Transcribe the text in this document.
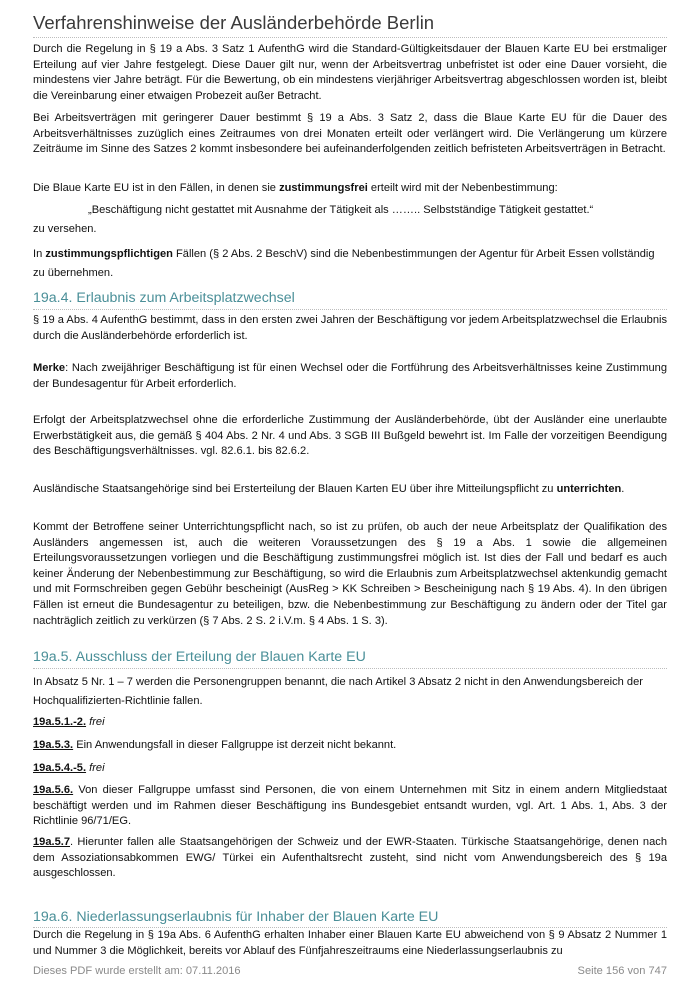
Verfahrenshinweise der Ausländerbehörde Berlin

Durch die Regelung in § 19 a Abs. 3 Satz 1 AufenthG wird die Standard-Gültigkeitsdauer der Blauen Karte EU bei erstmaliger Erteilung auf vier Jahre festgelegt. Diese Dauer gilt nur, wenn der Arbeitsvertrag unbefristet ist oder eine Dauer vorsieht, die mindestens vier Jahre beträgt. Für die Bewertung, ob ein mindestens vierjähriger Arbeitsvertrag abgeschlossen worden ist, bleibt die Vereinbarung einer etwaigen Probezeit außer Betracht.

Bei Arbeitsverträgen mit geringerer Dauer bestimmt § 19 a Abs. 3 Satz 2, dass die Blaue Karte EU für die Dauer des Arbeitsverhältnisses zuzüglich eines Zeitraumes von drei Monaten erteilt oder verlängert wird. Die Verlängerung um kürzere Zeiträume im Sinne des Satzes 2 kommt insbesondere bei aufeinanderfolgenden zeitlich befristeten Arbeitsverträgen in Betracht.

Die Blaue Karte EU ist in den Fällen, in denen sie zustimmungsfrei erteilt wird mit der Nebenbestimmung:

„Beschäftigung nicht gestattet mit Ausnahme der Tätigkeit als …….. Selbstständige Tätigkeit gestattet.“

zu versehen.

In zustimmungspflichtigen Fällen (§ 2 Abs. 2 BeschV) sind die Nebenbestimmungen der Agentur für Arbeit Essen vollständig zu übernehmen.

19a.4. Erlaubnis zum Arbeitsplatzwechsel

§ 19 a Abs. 4 AufenthG bestimmt, dass in den ersten zwei Jahren der Beschäftigung vor jedem Arbeitsplatzwechsel die Erlaubnis durch die Ausländerbehörde erforderlich ist.

Merke: Nach zweijähriger Beschäftigung ist für einen Wechsel oder die Fortführung des Arbeitsverhältnisses keine Zustimmung der Bundesagentur für Arbeit erforderlich.

Erfolgt der Arbeitsplatzwechsel ohne die erforderliche Zustimmung der Ausländerbehörde, übt der Ausländer eine unerlaubte Erwerbstätigkeit aus, die gemäß § 404 Abs. 2 Nr. 4 und Abs. 3 SGB III Bußgeld bewehrt ist. Im Falle der vorzeitigen Beendigung des Beschäftigungsverhältnisses. vgl. 82.6.1. bis 82.6.2.

Ausländische Staatsangehörige sind bei Ersterteilung der Blauen Karten EU über ihre Mitteilungspflicht zu unterrichten.

Kommt der Betroffene seiner Unterrichtungspflicht nach, so ist zu prüfen, ob auch der neue Arbeitsplatz der Qualifikation des Ausländers angemessen ist, auch die weiteren Voraussetzungen des § 19 a Abs. 1 sowie die allgemeinen Erteilungsvoraussetzungen vorliegen und die Beschäftigung zustimmungsfrei möglich ist. Ist dies der Fall und bedarf es auch keiner Änderung der Nebenbestimmung zur Beschäftigung, so wird die Erlaubnis zum Arbeitsplatzwechsel aktenkundig gemacht und mit Formschreiben gegen Gebühr bescheinigt (AusReg > KK Schreiben > Bescheinigung nach § 19 Abs. 4). In den übrigen Fällen ist erneut die Bundesagentur zu beteiligen, bzw. die Nebenbestimmung zur Beschäftigung zu ändern oder der Titel gar nachträglich zeitlich zu verkürzen (§ 7 Abs. 2 S. 2 i.V.m. § 4 Abs. 1 S. 3).

19a.5. Ausschluss der Erteilung der Blauen Karte EU

In Absatz 5 Nr. 1 – 7 werden die Personengruppen benannt, die nach Artikel 3 Absatz 2 nicht in den Anwendungsbereich der Hochqualifizierten-Richtlinie fallen.

19a.5.1.-2. frei

19a.5.3. Ein Anwendungsfall in dieser Fallgruppe ist derzeit nicht bekannt.

19a.5.4.-5. frei

19a.5.6. Von dieser Fallgruppe umfasst sind Personen, die von einem Unternehmen mit Sitz in einem andern Mitgliedstaat beschäftigt werden und im Rahmen dieser Beschäftigung ins Bundesgebiet entsandt wurden, vgl. Art. 1 Abs. 1, Abs. 3 der Richtlinie 96/71/EG.

19a.5.7. Hierunter fallen alle Staatsangehörigen der Schweiz und der EWR-Staaten. Türkische Staatsangehörige, denen nach dem Assoziationsabkommen EWG/ Türkei ein Aufenthaltsrecht zusteht, sind nicht vom Anwendungsbereich des § 19a ausgeschlossen.

19a.6. Niederlassungserlaubnis für Inhaber der Blauen Karte EU

Durch die Regelung in § 19a Abs. 6 AufenthG erhalten Inhaber einer Blauen Karte EU abweichend von § 9 Absatz 2 Nummer 1 und Nummer 3 die Möglichkeit, bereits vor Ablauf des Fünfjahreszeitraums eine Niederlassungserlaubnis zu

Dieses PDF wurde erstellt am: 07.11.2016	Seite 156 von 747
